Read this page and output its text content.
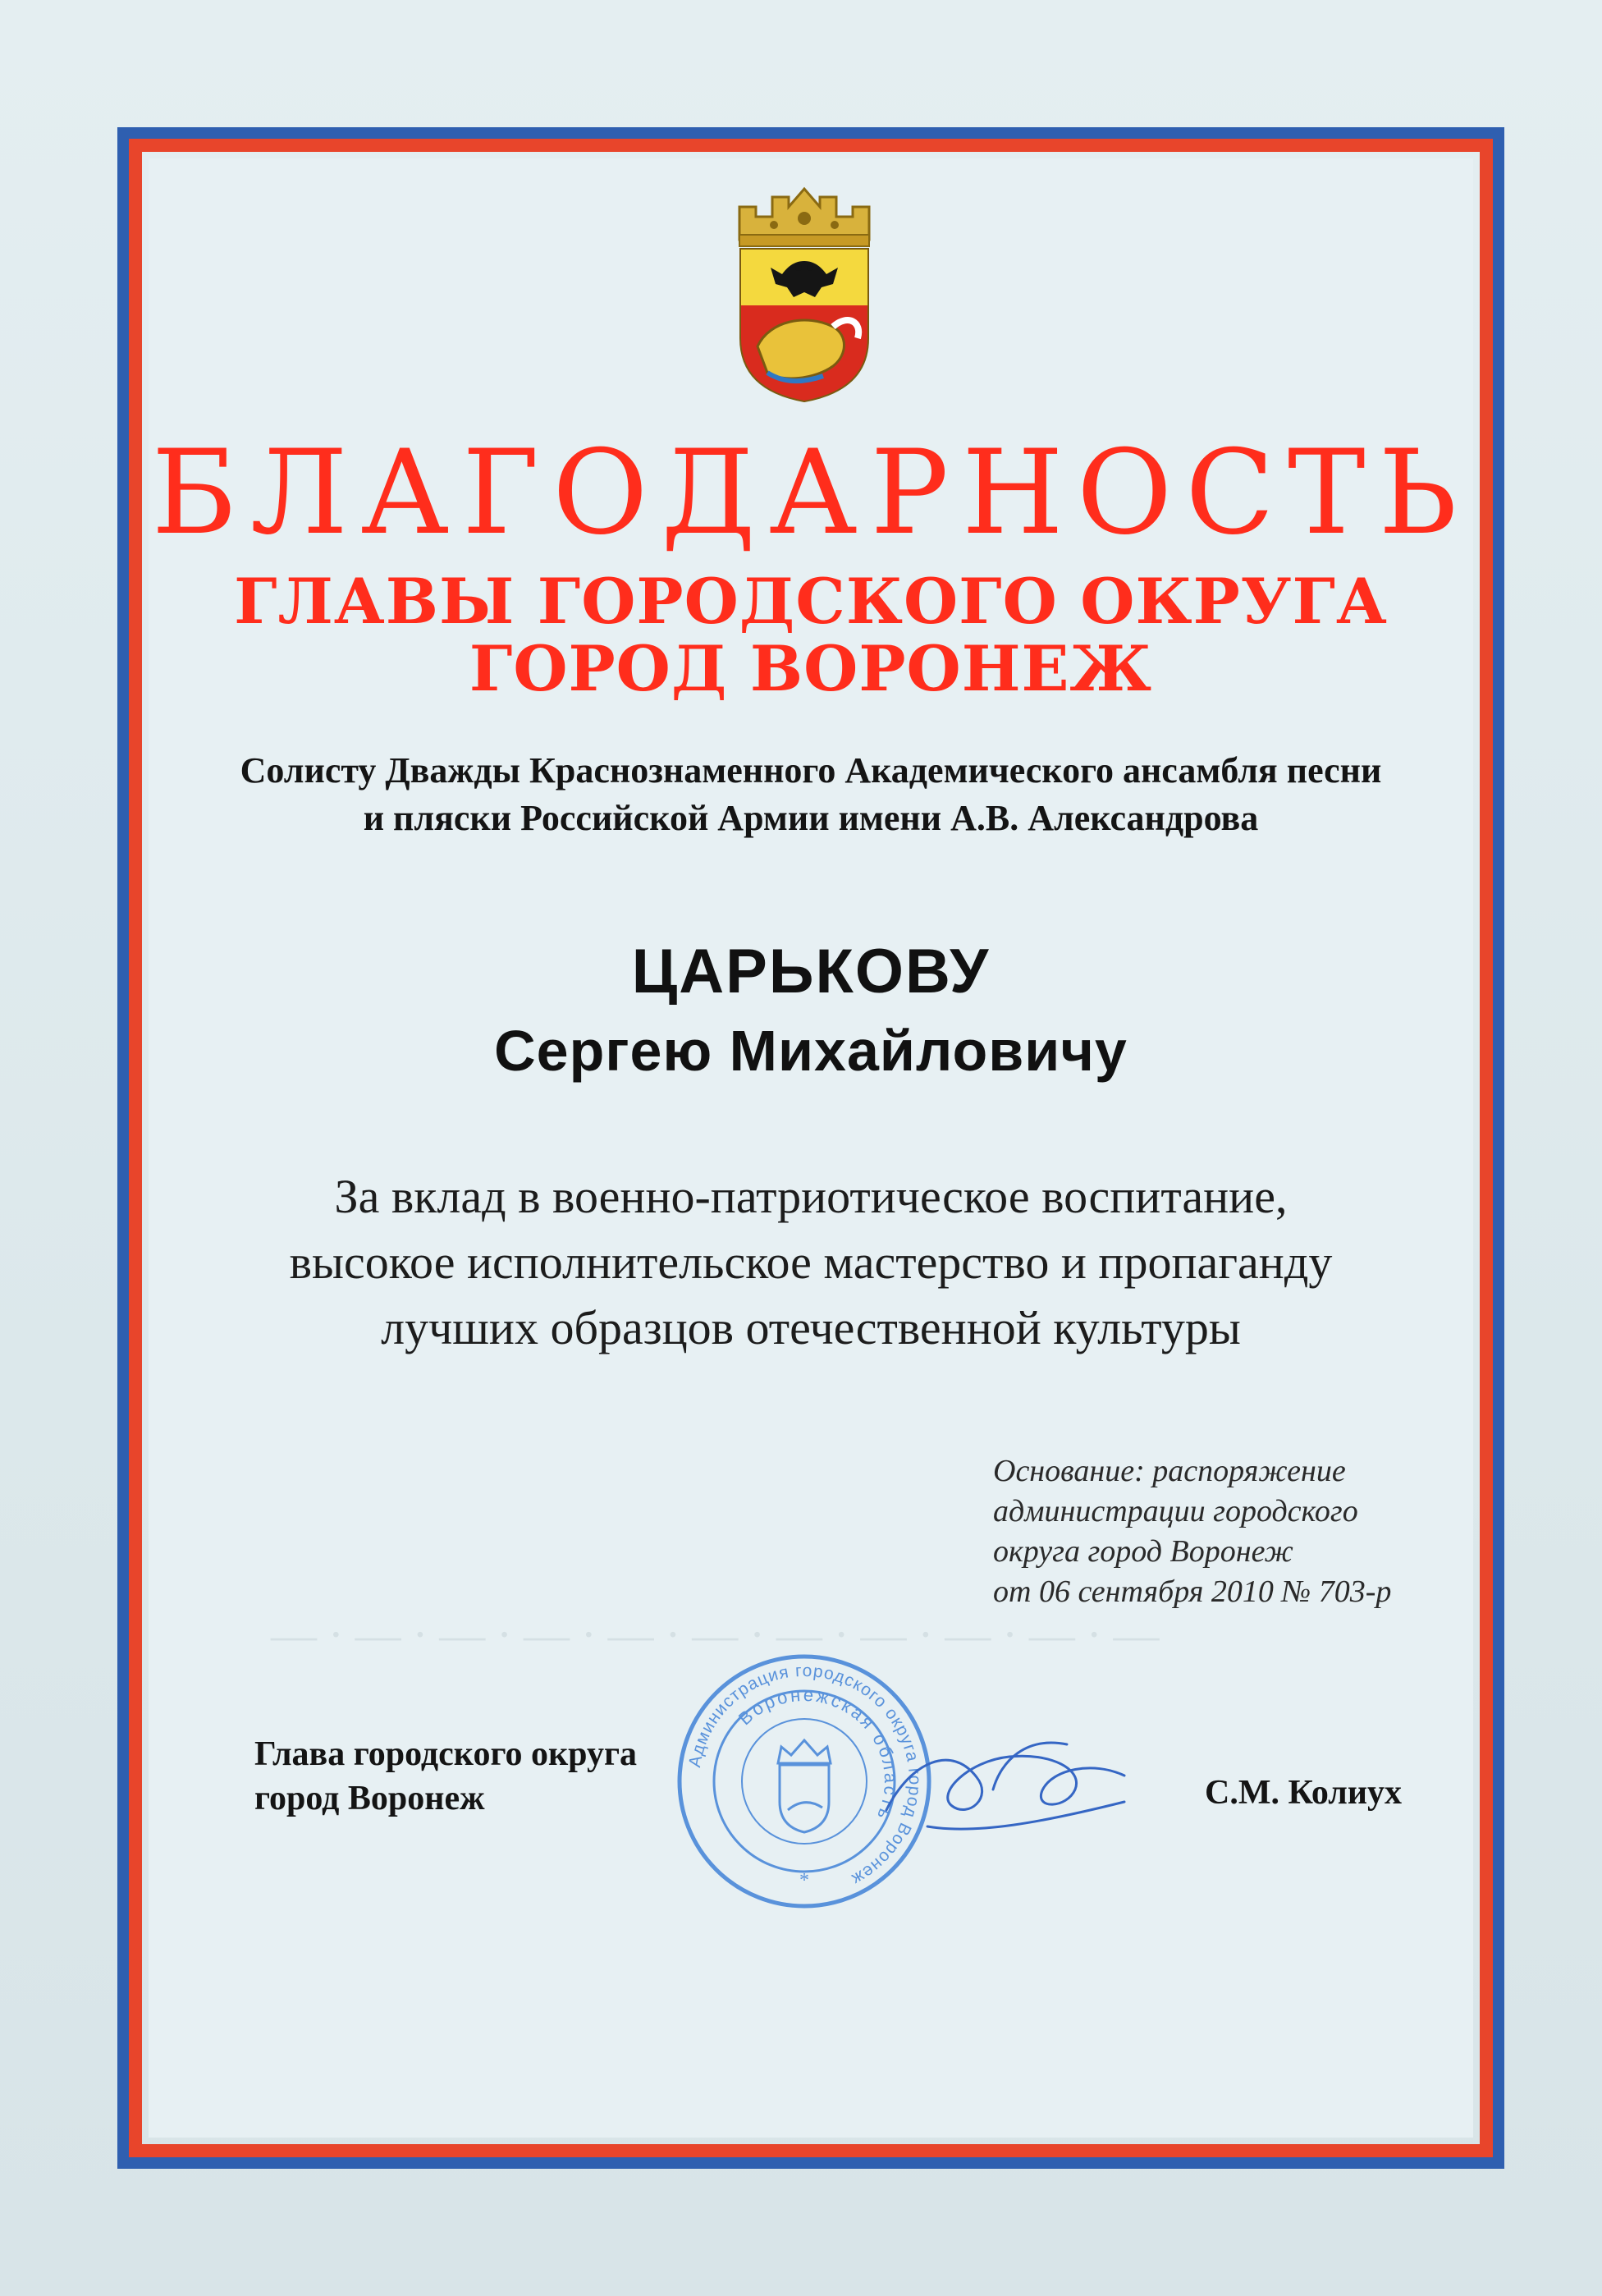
БЛАГОДАРНОСТЬ
ГЛАВЫ ГОРОДСКОГО ОКРУГА
ГОРОД ВОРОНЕЖ
Солисту Дважды Краснознаменного Академического ансамбля песни
и пляски Российской Армии имени А.В. Александрова
ЦАРЬКОВУ
Сергею Михайловичу
За вклад в военно-патриотическое воспитание,
высокое исполнительское мастерство и пропаганду
лучших образцов отечественной культуры
Основание: распоряжение
администрации городского
округа город Воронеж
от 06 сентября 2010 № 703-р
Глава городского округа
город Воронеж	С.М. Колиух
Администрация городского округа город Воронеж
Воронежская область
*
— · — · — · — · — · — · — · — · — · — · —
